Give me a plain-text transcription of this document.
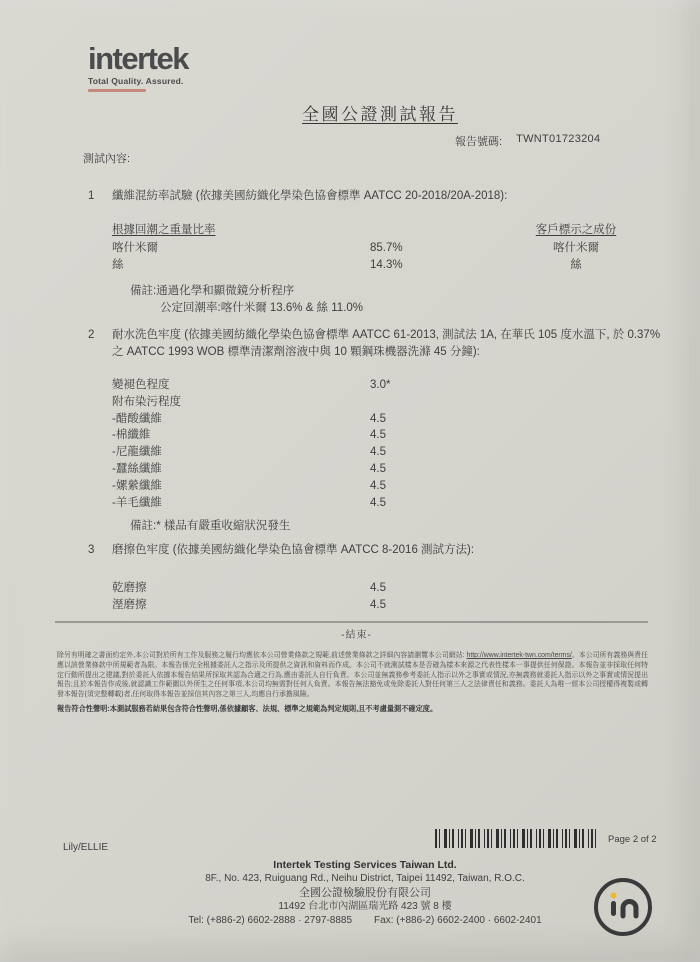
intertek
Total Quality. Assured.
全國公證測試報告
報告號碼: TWNT01723204
測試內容:
1	纖維混紡率試驗 (依據美國紡織化學染色協會標準 AATCC 20-2018/20A-2018):
根據回潮之重量比率	客戶標示之成份
喀什米爾	85.7%	喀什米爾
絲	14.3%	絲
備註:通過化學和顯微鏡分析程序
公定回潮率:喀什米爾 13.6% & 絲 11.0%
2	耐水洗色牢度 (依據美國紡織化學染色協會標準 AATCC 61-2013, 測試法 1A, 在華氏 105 度水溫下, 於 0.37%之 AATCC 1993 WOB 標準清潔劑溶液中與 10 顆鋼珠機器洗滌 45 分鐘):
變褪色程度	3.0*
附布染污程度
-醋酸纖維	4.5
-棉纖維	4.5
-尼龍纖維	4.5
-蠶絲纖維	4.5
-嫘縈纖維	4.5
-羊毛纖維	4.5
備註:* 樣品有嚴重收縮狀況發生
3	磨擦色牢度 (依據美國紡織化學染色協會標準 AATCC 8-2016 測試方法):
乾磨擦	4.5
溼磨擦	4.5
-結束-
除另有明確之書面約定外,本公司對於所有工作及服務之履行均應依本公司營業條款之規範,前述營業條款之詳細內容請瀏覽本公司網站: http://www.intertek-twn.com/terms/。本公司所有義務與責任應以該營業條款中所規範者為限。本報告係完全根據委託人之指示及所提供之資訊和資料而作成。本公司不就測試樣本是否確為樣本來源之代表性樣本一事提供任何保證。本報告並非採取任何特定行動所提出之建議,對於委託人依據本報告結果所採取其認為合適之行為,應由委託人自行負責。本公司並無義務參考委託人指示以外之事實或情況,亦無義務就委託人指示以外之事實或情況提出報告;且於本報告作成後,就認識工作範圍以外所生之任何事項,本公司均無需對任何人負責。本報告無法豁免或免除委託人對任何第三人之法律責任和義務。委託人為唯一經本公司授權得複製或轉發本報告(須完整轉載)者,任何取得本報告並採信其內容之第三人,均應自行承擔風險。
報告符合性聲明:本測試服務若結果包含符合性聲明,係依據顧客、法規、標準之規範為判定規則,且不考慮量測不確定度。
Lily/ELLIE
Page 2 of 2
Intertek Testing Services Taiwan Ltd.
8F., No. 423, Ruiguang Rd., Neihu District, Taipei 11492, Taiwan, R.O.C.
全國公證檢驗股份有限公司
11492 台北市內湖區瑞光路 423 號 8 樓
Tel: (+886-2) 6602-2888 · 2797-8885 Fax: (+886-2) 6602-2400 · 6602-2401
